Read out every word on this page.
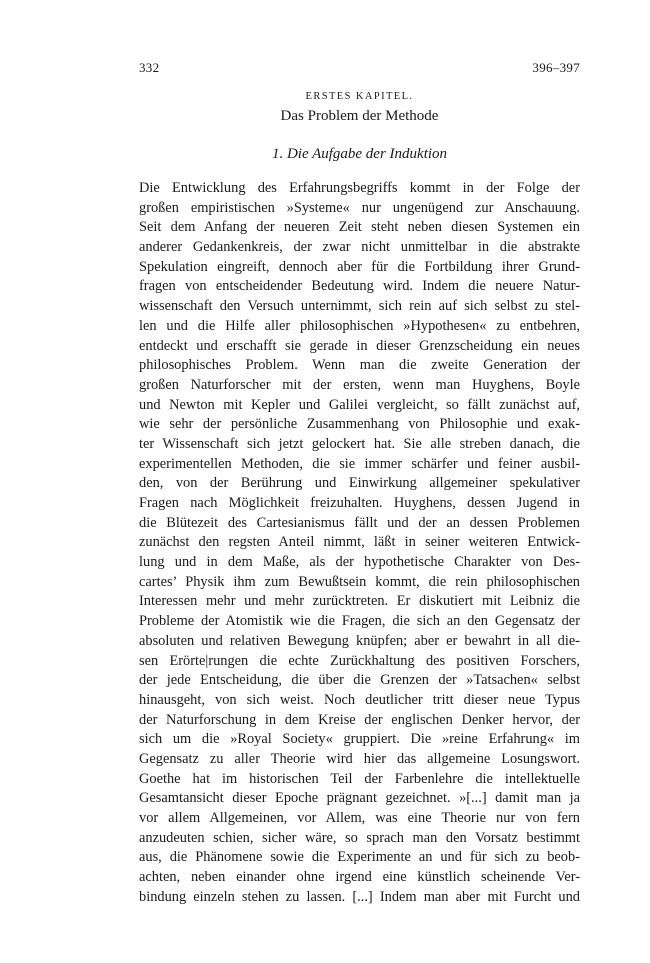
332	396–397
ERSTES KAPITEL.
Das Problem der Methode
1. Die Aufgabe der Induktion
Die Entwicklung des Erfahrungsbegriffs kommt in der Folge der
großen empiristischen »Systeme« nur ungenügend zur Anschauung.
Seit dem Anfang der neueren Zeit steht neben diesen Systemen ein
anderer Gedankenkreis, der zwar nicht unmittelbar in die abstrakte
Spekulation eingreift, dennoch aber für die Fortbildung ihrer Grund-
fragen von entscheidender Bedeutung wird. Indem die neuere Natur-
wissenschaft den Versuch unternimmt, sich rein auf sich selbst zu stel-
len und die Hilfe aller philosophischen »Hypothesen« zu entbehren,
entdeckt und erschafft sie gerade in dieser Grenzscheidung ein neues
philosophisches Problem. Wenn man die zweite Generation der
großen Naturforscher mit der ersten, wenn man Huyghens, Boyle
und Newton mit Kepler und Galilei vergleicht, so fällt zunächst auf,
wie sehr der persönliche Zusammenhang von Philosophie und exak-
ter Wissenschaft sich jetzt gelockert hat. Sie alle streben danach, die
experimentellen Methoden, die sie immer schärfer und feiner ausbil-
den, von der Berührung und Einwirkung allgemeiner spekulativer
Fragen nach Möglichkeit freizuhalten. Huyghens, dessen Jugend in
die Blütezeit des Cartesianismus fällt und der an dessen Problemen
zunächst den regsten Anteil nimmt, läßt in seiner weiteren Entwick-
lung und in dem Maße, als der hypothetische Charakter von Des-
cartes’ Physik ihm zum Bewußtsein kommt, die rein philosophischen
Interessen mehr und mehr zurücktreten. Er diskutiert mit Leibniz die
Probleme der Atomistik wie die Fragen, die sich an den Gegensatz der
absoluten und relativen Bewegung knüpfen; aber er bewahrt in all die-
sen Erörte|rungen die echte Zurückhaltung des positiven Forschers,
der jede Entscheidung, die über die Grenzen der »Tatsachen« selbst
hinausgeht, von sich weist. Noch deutlicher tritt dieser neue Typus
der Naturforschung in dem Kreise der englischen Denker hervor, der
sich um die »Royal Society« gruppiert. Die »reine Erfahrung« im
Gegensatz zu aller Theorie wird hier das allgemeine Losungswort.
Goethe hat im historischen Teil der Farbenlehre die intellektuelle
Gesamtansicht dieser Epoche prägnant gezeichnet. »[...] damit man ja
vor allem Allgemeinen, vor Allem, was eine Theorie nur von fern
anzudeuten schien, sicher wäre, so sprach man den Vorsatz bestimmt
aus, die Phänomene sowie die Experimente an und für sich zu beob-
achten, neben einander ohne irgend eine künstlich scheinende Ver-
bindung einzeln stehen zu lassen. [...] Indem man aber mit Furcht und
